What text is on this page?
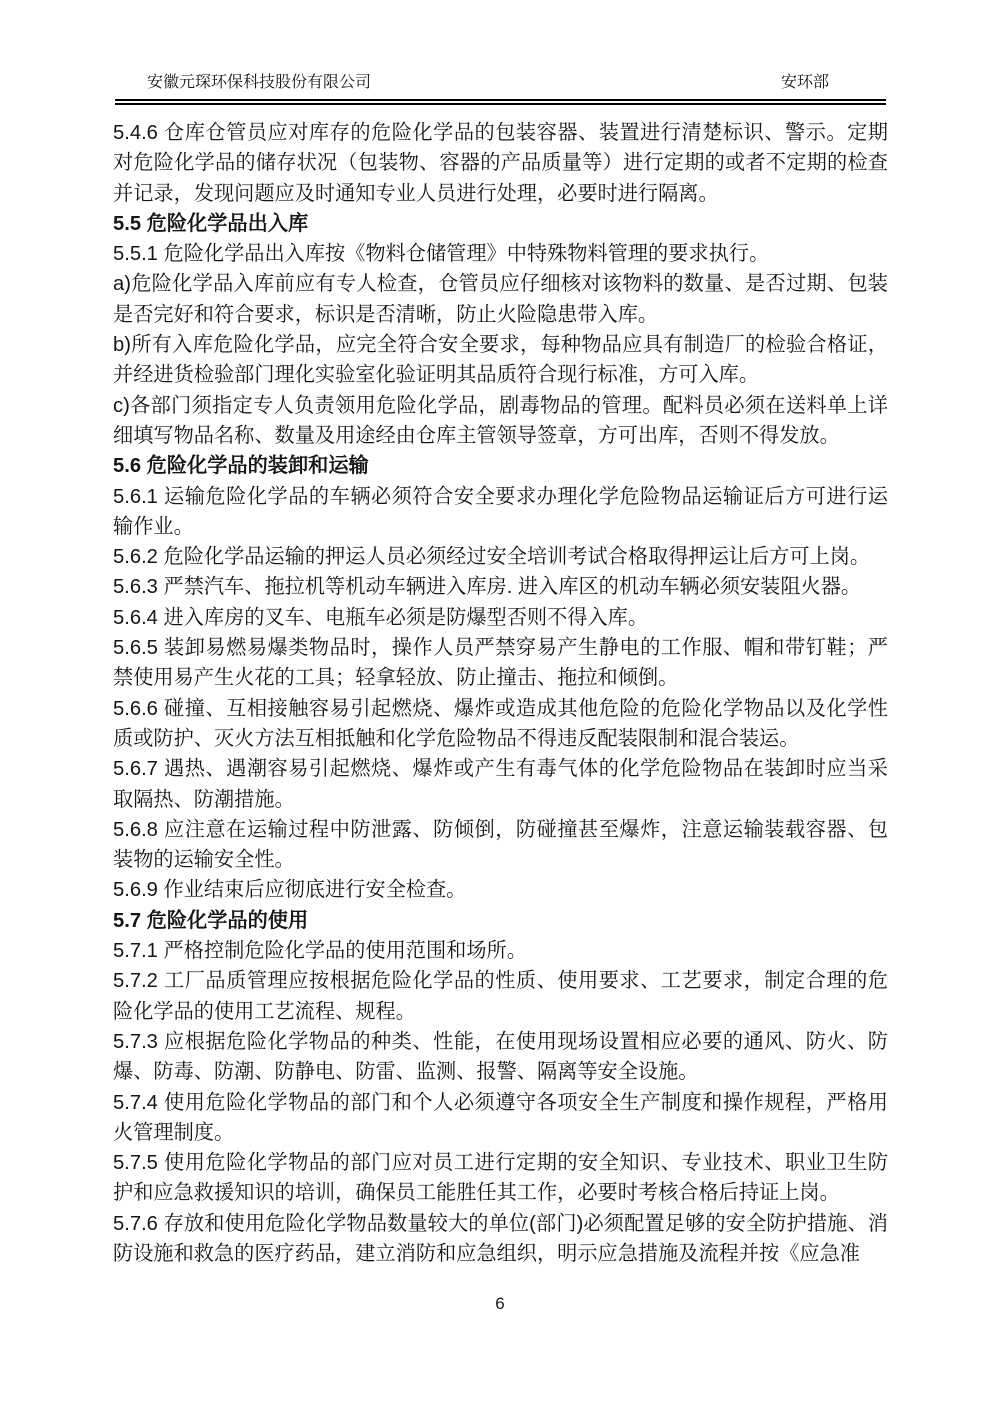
安徽元琛环保科技股份有限公司	安环部
5.4.6 仓库仓管员应对库存的危险化学品的包装容器、装置进行清楚标识、警示。定期对危险化学品的储存状况（包装物、容器的产品质量等）进行定期的或者不定期的检查并记录，发现问题应及时通知专业人员进行处理，必要时进行隔离。
5.5 危险化学品出入库
5.5.1 危险化学品出入库按《物料仓储管理》中特殊物料管理的要求执行。
a)危险化学品入库前应有专人检查，仓管员应仔细核对该物料的数量、是否过期、包装是否完好和符合要求，标识是否清晰，防止火险隐患带入库。
b)所有入库危险化学品，应完全符合安全要求，每种物品应具有制造厂的检验合格证，并经进货检验部门理化实验室化验证明其品质符合现行标准，方可入库。
c)各部门须指定专人负责领用危险化学品，剧毒物品的管理。配料员必须在送料单上详细填写物品名称、数量及用途经由仓库主管领导签章，方可出库，否则不得发放。
5.6 危险化学品的装卸和运输
5.6.1 运输危险化学品的车辆必须符合安全要求办理化学危险物品运输证后方可进行运输作业。
5.6.2 危险化学品运输的押运人员必须经过安全培训考试合格取得押运让后方可上岗。
5.6.3 严禁汽车、拖拉机等机动车辆进入库房. 进入库区的机动车辆必须安装阻火器。
5.6.4 进入库房的叉车、电瓶车必须是防爆型否则不得入库。
5.6.5 装卸易燃易爆类物品时，操作人员严禁穿易产生静电的工作服、帽和带钉鞋；严禁使用易产生火花的工具；轻拿轻放、防止撞击、拖拉和倾倒。
5.6.6 碰撞、互相接触容易引起燃烧、爆炸或造成其他危险的危险化学物品以及化学性质或防护、灭火方法互相抵触和化学危险物品不得违反配装限制和混合装运。
5.6.7 遇热、遇潮容易引起燃烧、爆炸或产生有毒气体的化学危险物品在装卸时应当采取隔热、防潮措施。
5.6.8 应注意在运输过程中防泄露、防倾倒，防碰撞甚至爆炸，注意运输装载容器、包装物的运输安全性。
5.6.9 作业结束后应彻底进行安全检查。
5.7 危险化学品的使用
5.7.1 严格控制危险化学品的使用范围和场所。
5.7.2 工厂品质管理应按根据危险化学品的性质、使用要求、工艺要求，制定合理的危险化学品的使用工艺流程、规程。
5.7.3 应根据危险化学物品的种类、性能，在使用现场设置相应必要的通风、防火、防爆、防毒、防潮、防静电、防雷、监测、报警、隔离等安全设施。
5.7.4 使用危险化学物品的部门和个人必须遵守各项安全生产制度和操作规程，严格用火管理制度。
5.7.5 使用危险化学物品的部门应对员工进行定期的安全知识、专业技术、职业卫生防护和应急救援知识的培训，确保员工能胜任其工作，必要时考核合格后持证上岗。
5.7.6 存放和使用危险化学物品数量较大的单位(部门)必须配置足够的安全防护措施、消防设施和救急的医疗药品，建立消防和应急组织，明示应急措施及流程并按《应急准
6
